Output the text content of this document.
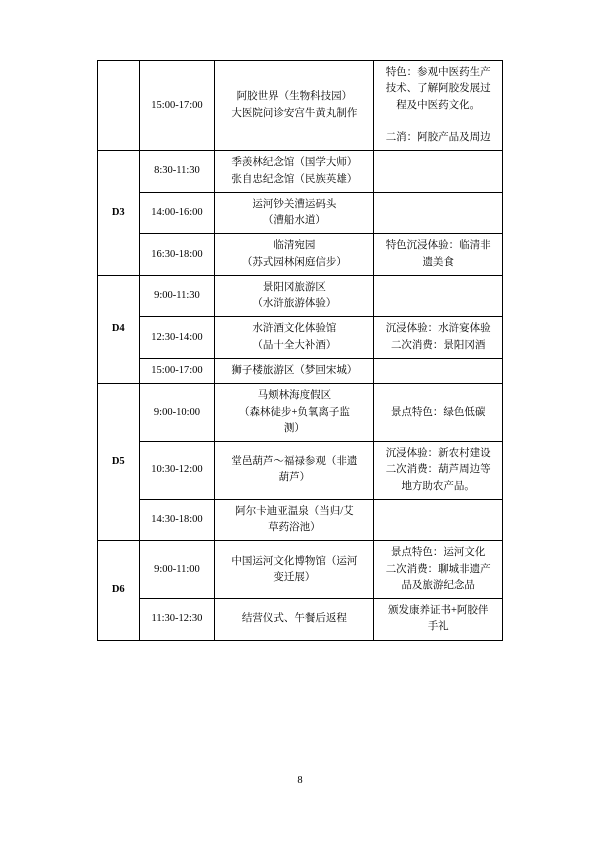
	15:00-17:00	阿胶世界（生物科技园）
大医院问诊安宫牛黄丸制作	特色：参观中医药生产
技术、了解阿胶发展过
程及中医药文化。

二消：阿胶产品及周边

D3	8:30-11:30	季羡林纪念馆（国学大师）
张自忠纪念馆（民族英雄）	

	14:00-16:00	运河钞关漕运码头
（漕船水道）	

	16:30-18:00	临清宛园
（苏式园林闲庭信步）	特色沉浸体验：临清非
遗美食

D4	9:00-11:30	景阳冈旅游区
（水浒旅游体验）	

	12:30-14:00	水浒酒文化体验馆
（品十全大补酒）	沉浸体验：水浒宴体验
二次消费：景阳冈酒

	15:00-17:00	狮子楼旅游区（梦回宋城）	

D5	9:00-10:00	马颊林海度假区
（森林徒步+负氧离子监
测）	景点特色：绿色低碳

	10:30-12:00	堂邑葫芦～福禄参观（非遗
葫芦）	沉浸体验：新农村建设
二次消费：葫芦周边等
地方助农产品。

	14:30-18:00	阿尔卡迪亚温泉（当归/艾
草药浴池）	

D6	9:00-11:00	中国运河文化博物馆（运河
变迁展）	景点特色：运河文化
二次消费：聊城非遗产
品及旅游纪念品

	11:30-12:30	结营仪式、午餐后返程	颁发康养证书+阿胶伴
手礼
8
